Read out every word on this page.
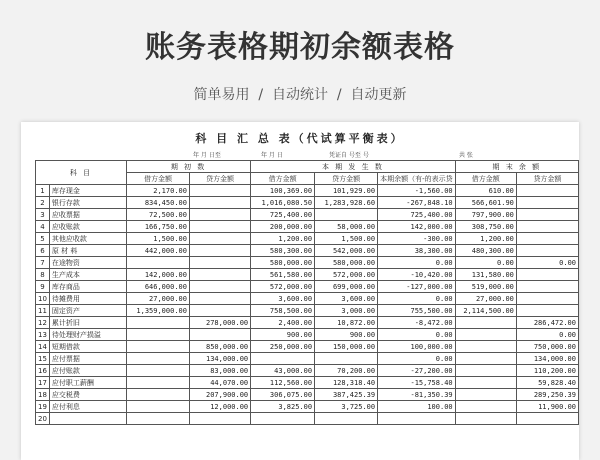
账务表格期初余额表格
简单易用  /  自动统计  /  自动更新
科 目 汇 总 表（代试算平衡表）
年 月 日至	年 月 日	凭证自 号至 号	共 张
科 目		期 初 数		本 期 发 生 数			期 末 余 额	
		借方金额	贷方金额	借方金额	贷方金额	本期余额（有-的表示贷	借方金额	贷方金额
1	库存现金	2,170.00		100,369.00	101,929.00	-1,560.00	610.00	
2	银行存款	834,450.00		1,016,080.50	1,283,928.60	-267,848.10	566,601.90	
3	应收票据	72,500.00		725,400.00		725,400.00	797,900.00	
4	应收账款	166,750.00		200,000.00	58,000.00	142,000.00	308,750.00	
5	其他应收款	1,500.00		1,200.00	1,500.00	-300.00	1,200.00	
6	原 材 料	442,000.00		580,300.00	542,000.00	38,300.00	480,300.00	
7	在途物资			580,000.00	580,000.00	0.00	0.00	0.00
8	生产成本	142,000.00		561,580.00	572,000.00	-10,420.00	131,580.00	
9	库存商品	646,000.00		572,000.00	699,000.00	-127,000.00	519,000.00	
10	待摊费用	27,000.00		3,600.00	3,600.00	0.00	27,000.00	
11	固定资产	1,359,000.00		758,500.00	3,000.00	755,500.00	2,114,500.00	
12	累计折旧		278,000.00	2,400.00	10,872.00	-8,472.00		286,472.00
13	待处理财产损溢			900.00	900.00	0.00		0.00
14	短期借款		850,000.00	250,000.00	150,000.00	100,000.00		750,000.00
15	应付票据		134,000.00			0.00		134,000.00
16	应付账款		83,000.00	43,000.00	70,200.00	-27,200.00		110,200.00
17	应付职工薪酬		44,070.00	112,560.00	128,318.40	-15,758.40		59,828.40
18	应交税费		207,900.00	306,075.00	387,425.39	-81,350.39		289,250.39
19	应付利息		12,000.00	3,825.00	3,725.00	100.00		11,900.00
20								
